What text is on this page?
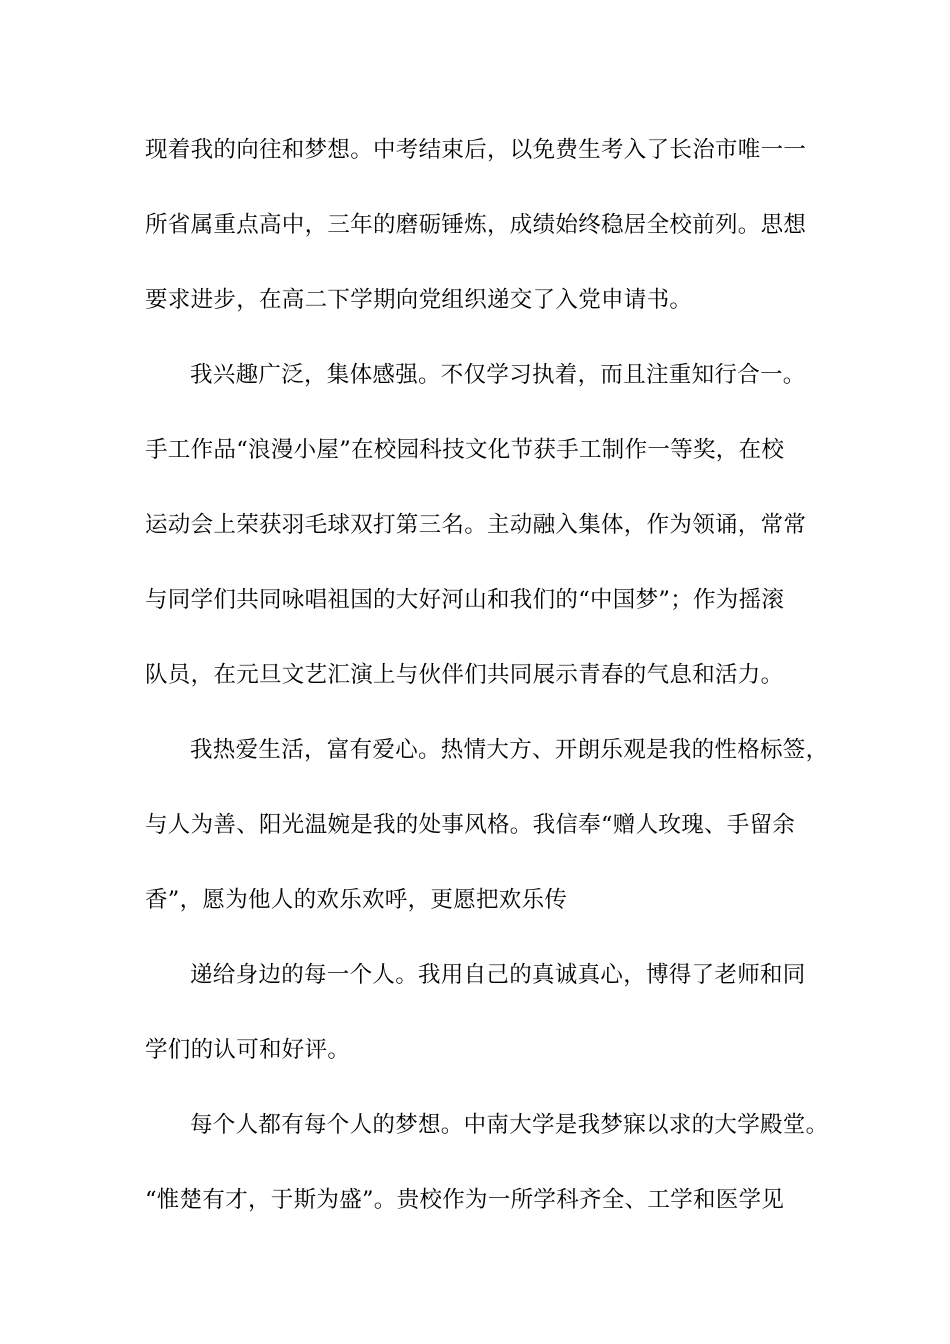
现着我的向往和梦想。中考结束后，以免费生考入了长治市唯一一
所省属重点高中，三年的磨砺锤炼，成绩始终稳居全校前列。思想
要求进步，在高二下学期向党组织递交了入党申请书。
我兴趣广泛，集体感强。不仅学习执着，而且注重知行合一。
手工作品“浪漫小屋”在校园科技文化节获手工制作一等奖，在校
运动会上荣获羽毛球双打第三名。主动融入集体，作为领诵，常常
与同学们共同咏唱祖国的大好河山和我们的“中国梦”；作为摇滚
队员，在元旦文艺汇演上与伙伴们共同展示青春的气息和活力。
我热爱生活，富有爱心。热情大方、开朗乐观是我的性格标签，
与人为善、阳光温婉是我的处事风格。我信奉“赠人玫瑰、手留余
香”，愿为他人的欢乐欢呼，更愿把欢乐传
递给身边的每一个人。我用自己的真诚真心，博得了老师和同
学们的认可和好评。
每个人都有每个人的梦想。中南大学是我梦寐以求的大学殿堂。
“惟楚有才，于斯为盛”。贵校作为一所学科齐全、工学和医学见
